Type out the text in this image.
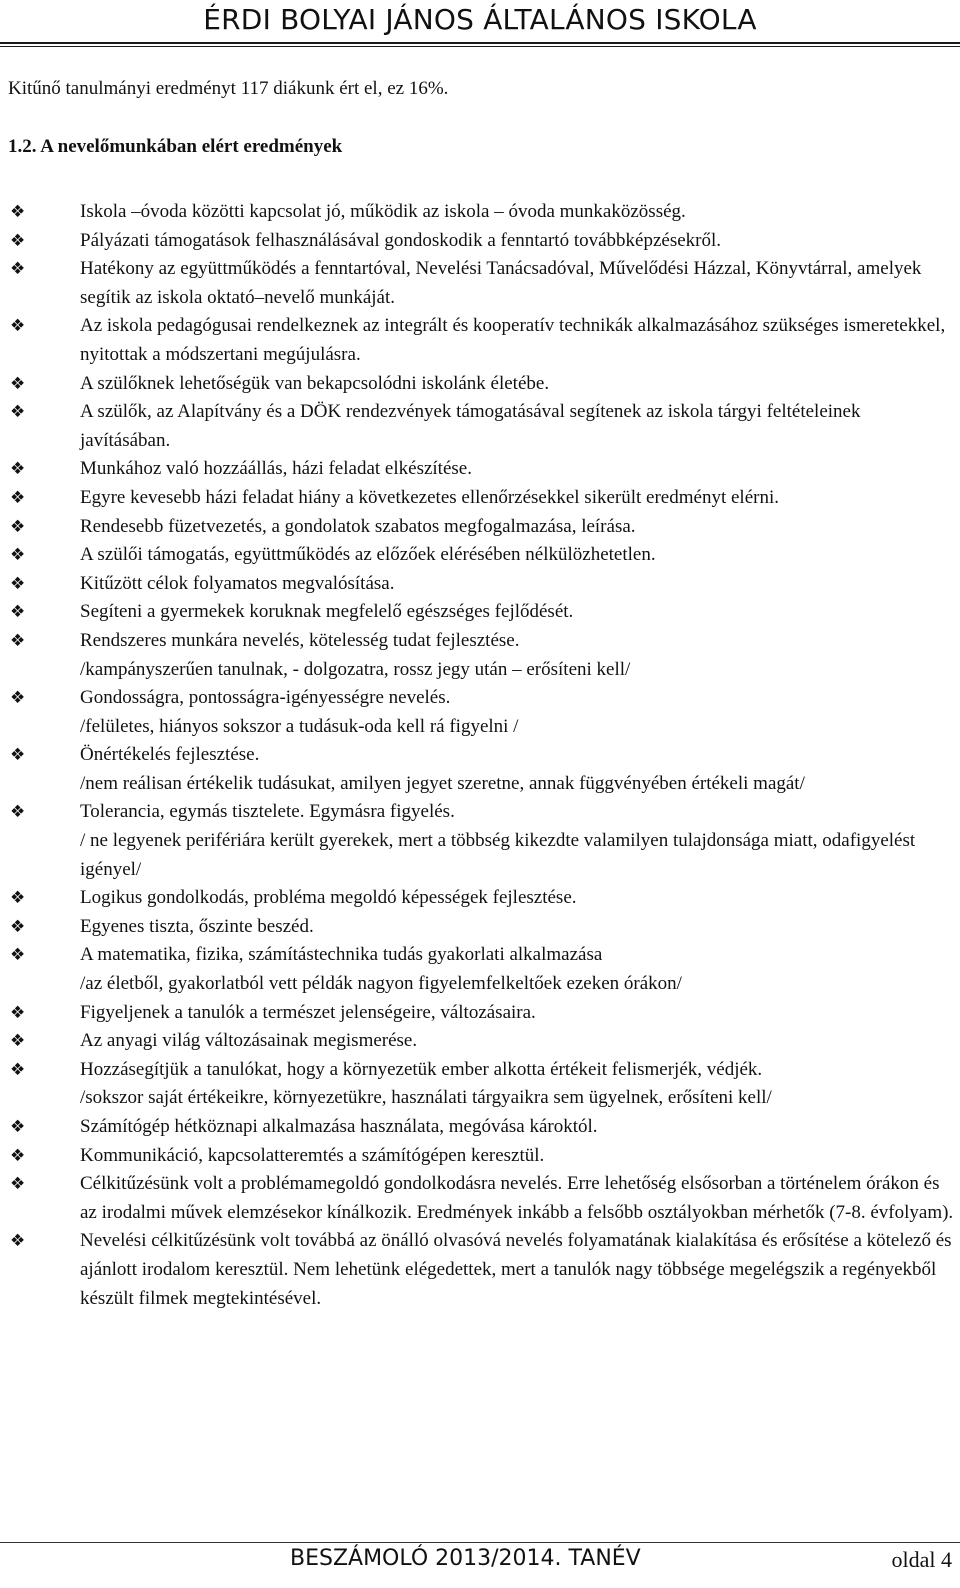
ÉRDI BOLYAI JÁNOS ÁLTALÁNOS ISKOLA
Kitűnő tanulmányi eredményt 117 diákunk ért el, ez 16%.
1.2. A nevelőmunkában elért eredmények
❖	Iskola –óvoda közötti kapcsolat jó, működik az iskola – óvoda munkaközösség.
❖	Pályázati támogatások felhasználásával gondoskodik a fenntartó továbbképzésekről.
❖	Hatékony az együttműködés a fenntartóval, Nevelési Tanácsadóval, Művelődési Házzal, Könyvtárral, amelyek segítik az iskola oktató–nevelő munkáját.
❖	Az iskola pedagógusai rendelkeznek az integrált és kooperatív technikák alkalmazásához szükséges ismeretekkel, nyitottak a módszertani megújulásra.
❖	A szülőknek lehetőségük van bekapcsolódni iskolánk életébe.
❖	A szülők, az Alapítvány és a DÖK rendezvények támogatásával segítenek az iskola tárgyi feltételeinek javításában.
❖	Munkához való hozzáállás, házi feladat elkészítése.
❖	Egyre kevesebb házi feladat hiány a következetes ellenőrzésekkel sikerült eredményt elérni.
❖	Rendesebb füzetvezetés, a gondolatok szabatos megfogalmazása, leírása.
❖	A szülői támogatás, együttműködés az előzőek elérésében nélkülözhetetlen.
❖	Kitűzött célok folyamatos megvalósítása.
❖	Segíteni a gyermekek koruknak megfelelő egészséges fejlődését.
❖	Rendszeres munkára nevelés, kötelesség tudat fejlesztése.
/kampányszerűen tanulnak, - dolgozatra, rossz jegy után – erősíteni kell/
❖	Gondosságra, pontosságra-igényességre nevelés.
/felületes, hiányos sokszor a tudásuk-oda kell rá figyelni /
❖	Önértékelés fejlesztése.
/nem reálisan értékelik tudásukat, amilyen jegyet szeretne, annak függvényében értékeli magát/
❖	Tolerancia, egymás tisztelete. Egymásra figyelés.
/ ne legyenek perifériára került gyerekek, mert a többség kikezdte valamilyen tulajdonsága miatt, odafigyelést igényel/
❖	Logikus gondolkodás, probléma megoldó képességek fejlesztése.
❖	Egyenes tiszta, őszinte beszéd.
❖	A matematika, fizika, számítástechnika tudás gyakorlati alkalmazása
/az életből, gyakorlatból vett példák nagyon figyelemfelkeltőek ezeken órákon/
❖	Figyeljenek a tanulók a természet jelenségeire, változásaira.
❖	Az anyagi világ változásainak megismerése.
❖	Hozzásegítjük a tanulókat, hogy a környezetük ember alkotta értékeit felismerjék, védjék.
/sokszor saját értékeikre, környezetükre, használati tárgyaikra sem ügyelnek, erősíteni kell/
❖	Számítógép hétköznapi alkalmazása használata, megóvása károktól.
❖	Kommunikáció, kapcsolatteremtés a számítógépen keresztül.
❖	Célkitűzésünk volt a problémamegoldó gondolkodásra nevelés. Erre lehetőség elsősorban a történelem órákon és az irodalmi művek elemzésekor kínálkozik. Eredmények inkább a felsőbb osztályokban mérhetők (7-8. évfolyam).
❖	Nevelési célkitűzésünk volt továbbá az önálló olvasóvá nevelés folyamatának kialakítása és erősítése a kötelező és ajánlott irodalom keresztül. Nem lehetünk elégedettek, mert a tanulók nagy többsége megelégszik a regényekből készült filmek megtekintésével.
BESZÁMOLÓ 2013/2014. TANÉV	oldal 4
